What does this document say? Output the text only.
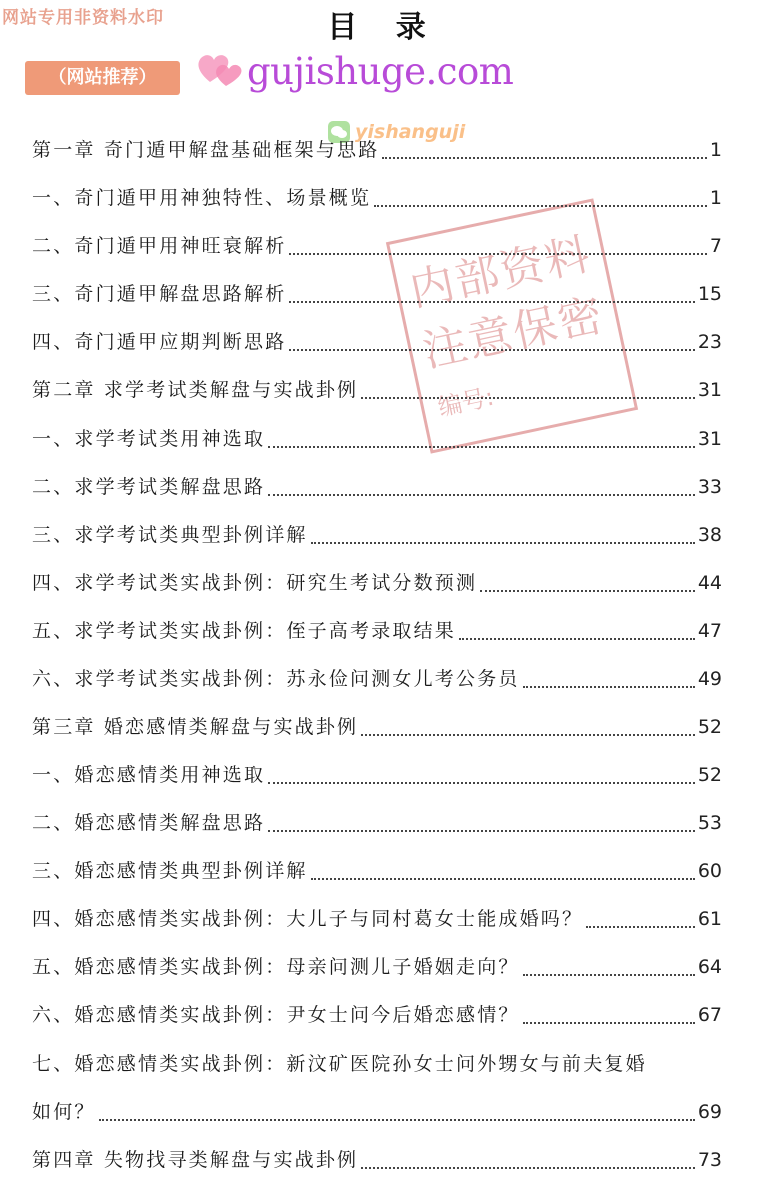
网站专用非资料水印	目 录
（网站推荐）	gujishuge.com
yishanguji
内部资料
注意保密
编号:
第一章 奇门遁甲解盘基础框架与思路	1
一、奇门遁甲用神独特性、场景概览	1
二、奇门遁甲用神旺衰解析	7
三、奇门遁甲解盘思路解析	15
四、奇门遁甲应期判断思路	23
第二章 求学考试类解盘与实战卦例	31
一、求学考试类用神选取	31
二、求学考试类解盘思路	33
三、求学考试类典型卦例详解	38
四、求学考试类实战卦例：研究生考试分数预测	44
五、求学考试类实战卦例：侄子高考录取结果	47
六、求学考试类实战卦例：苏永俭问测女儿考公务员	49
第三章 婚恋感情类解盘与实战卦例	52
一、婚恋感情类用神选取	52
二、婚恋感情类解盘思路	53
三、婚恋感情类典型卦例详解	60
四、婚恋感情类实战卦例：大儿子与同村葛女士能成婚吗？	61
五、婚恋感情类实战卦例：母亲问测儿子婚姻走向？	64
六、婚恋感情类实战卦例：尹女士问今后婚恋感情？	67
七、婚恋感情类实战卦例：新汶矿医院孙女士问外甥女与前夫复婚
如何？	69
第四章 失物找寻类解盘与实战卦例	73
